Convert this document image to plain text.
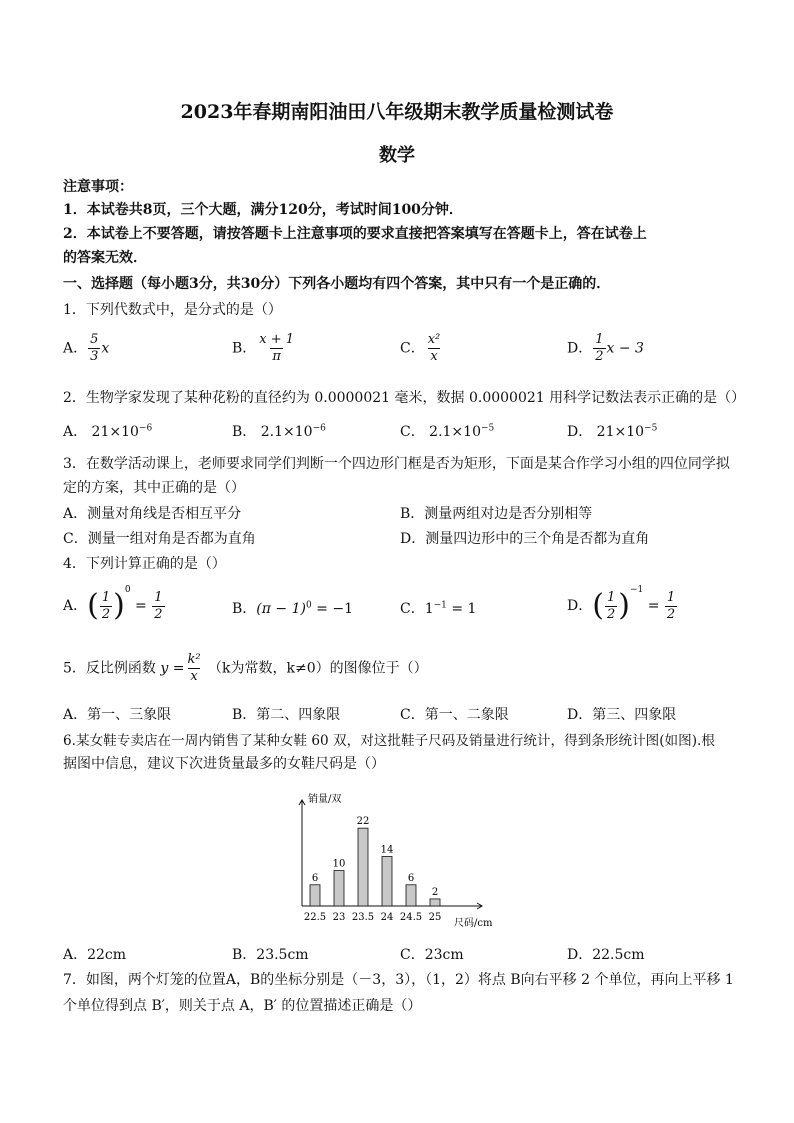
2023年春期南阳油田八年级期末教学质量检测试卷
数学
注意事项：
1．本试卷共8页，三个大题，满分120分，考试时间100分钟．
2．本试卷上不要答题，请按答题卡上注意事项的要求直接把答案填写在答题卡上，答在试卷上
的答案无效．
一、选择题（每小题3分，共30分）下列各小题均有四个答案，其中只有一个是正确的．
1．下列代数式中，是分式的是（）
A． $\frac{5}{3}$ x	B． $\frac{x + 1}{\pi}$	C． $\frac{\text{x²}}{x}$	D． $\frac{1}{2}$ x − 3
2．生物学家发现了某种花粉的直径约为 0.0000021 毫米，数据 0.0000021 用科学记数法表示正确的是（）
A． $21\times 10^{-6}$	B． $2.1\times 10^{-6}$	C． $2.1\times 10^{-5}$	D． $21\times 10^{-5}$
3．在数学活动课上，老师要求同学们判断一个四边形门框是否为矩形，下面是某合作学习小组的四位同学拟
定的方案，其中正确的是（）
A．测量对角线是否相互平分	B．测量两组对边是否分别相等
C．测量一组对角是否都为直角	D．测量四边形中的三个角是否都为直角
4．下列计算正确的是（）
A．( $\frac{1}{2} )^0 = \frac{1}{2}$	B．$(\pi - 1)^0 = -1$	C．$1^{-1} = 1$	D．( $\frac{1}{2} )^{-1} = \frac{1}{2}$
5．反比例函数 $y = \frac{\text{k²}}{x} (k$为常数，k≠0）的图像位于（）
A．第一、三象限	B．第二、四象限	C．第一、二象限	D．第三、四象限
6.某女鞋专卖店在一周内销售了某种女鞋 60 双，对这批鞋子尺码及销量进行统计，得到条形统计图(如图).根
据图中信息，建议下次进货量最多的女鞋尺码是（）
销量/双
尺码/cm
6
22.5
10
23
22
23.5
14
24
6
24.5
2
25
A．22cm	B．23.5cm	C．23cm	D．22.5cm
7．如图，两个灯笼的位置A，B的坐标分别是（－3，3），（1，2）将点 B向右平移 2 个单位，再向上平移 1
个单位得到点 B′，则关于点 A，B′ 的位置描述正确是（）
